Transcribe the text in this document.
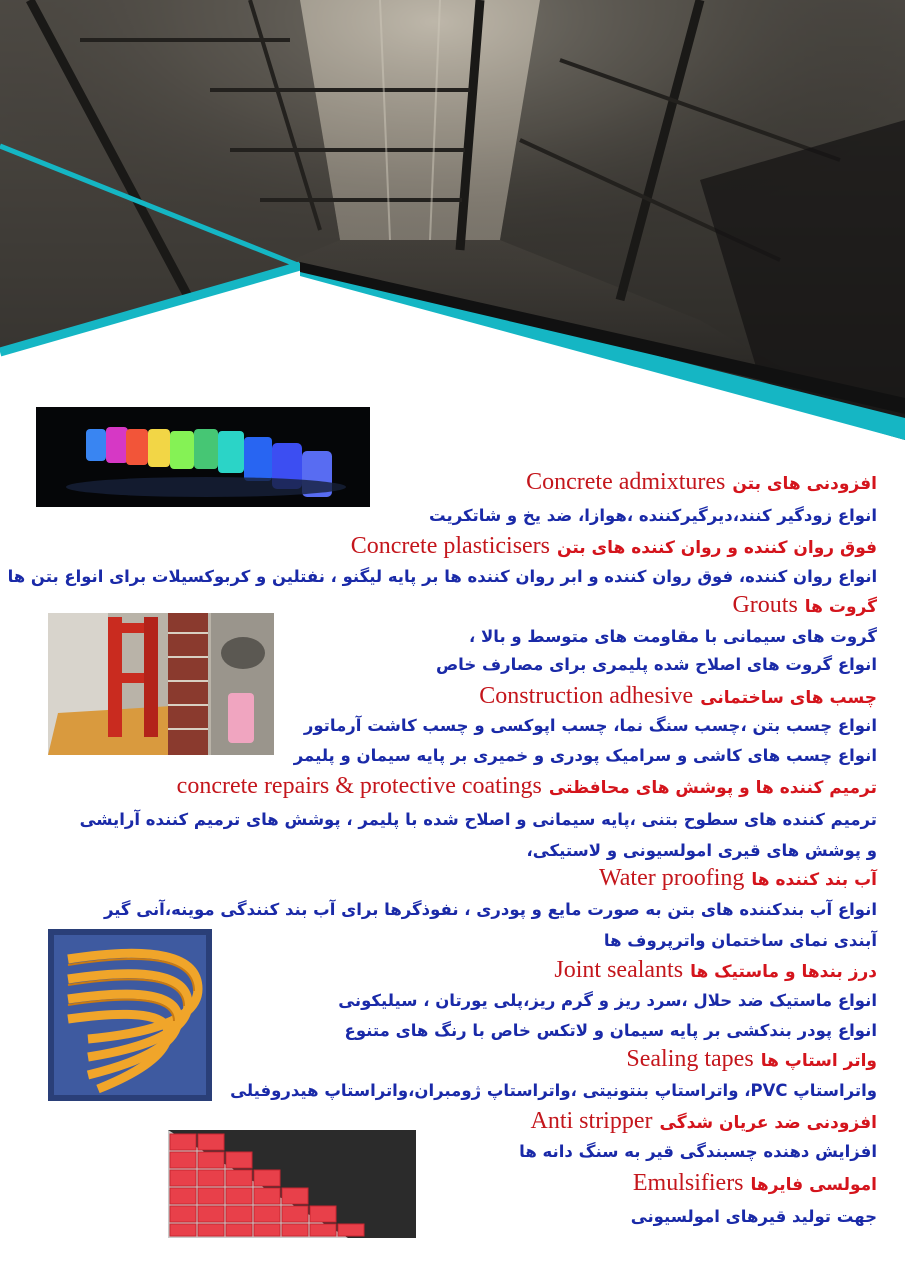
افزودنی های بتنConcrete admixtures
انواع زودگیر کنند،دیرگیرکننده ،هوازا، ضد یخ و شاتکریت
فوق روان کننده و روان کننده های بتنConcrete plasticisers
انواع روان کننده، فوق روان کننده و ابر روان کننده ها بر پایه لیگنو ، نفتلین و کربوکسیلات برای انواع بتن ها
گروت هاGrouts
گروت های سیمانی با مقاومت های متوسط و بالا ،
انواع گروت های اصلاح شده پلیمری برای مصارف خاص
چسب های ساختمانیConstruction adhesive
انواع چسب بتن ،چسب سنگ نما، چسب اپوکسی و چسب کاشت آرماتور
انواع چسب های کاشی و سرامیک پودری و خمیری بر پایه سیمان و پلیمر
ترمیم کننده ها و پوشش های محافظتیconcrete repairs & protective coatings
ترمیم کننده های سطوح بتنی ،پایه سیمانی و اصلاح شده با پلیمر ، پوشش های ترمیم کننده آرایشی
و پوشش های قیری امولسیونی و لاستیکی،
آب بند کننده هاWater proofing
انواع آب بندکننده های بتن به صورت مایع و پودری ، نفوذگرها برای آب بند کنندگی موینه،آنی گیر
آبندی نمای ساختمان واتر‌پروف ها
درز بندها و ماستیک هاJoint sealants
انواع ماستیک ضد حلال ،سرد ریز و گرم ریز،پلی یورتان ، سیلیکونی
انواع پودر بندکشی بر پایه سیمان و لاتکس خاص با رنگ های متنوع
واتر استاپ هاSealing tapes
واتراستاپ PVC، واتراستاپ بنتونیتی ،واتراستاپ ژومبران،واتراستاپ هیدروفیلی
افزودنی ضد عریان شدگیAnti stripper
افزایش دهنده چسبندگی قیر به سنگ دانه ها
امولسی فایرهاEmulsifiers
جهت تولید قیرهای امولسیونی
